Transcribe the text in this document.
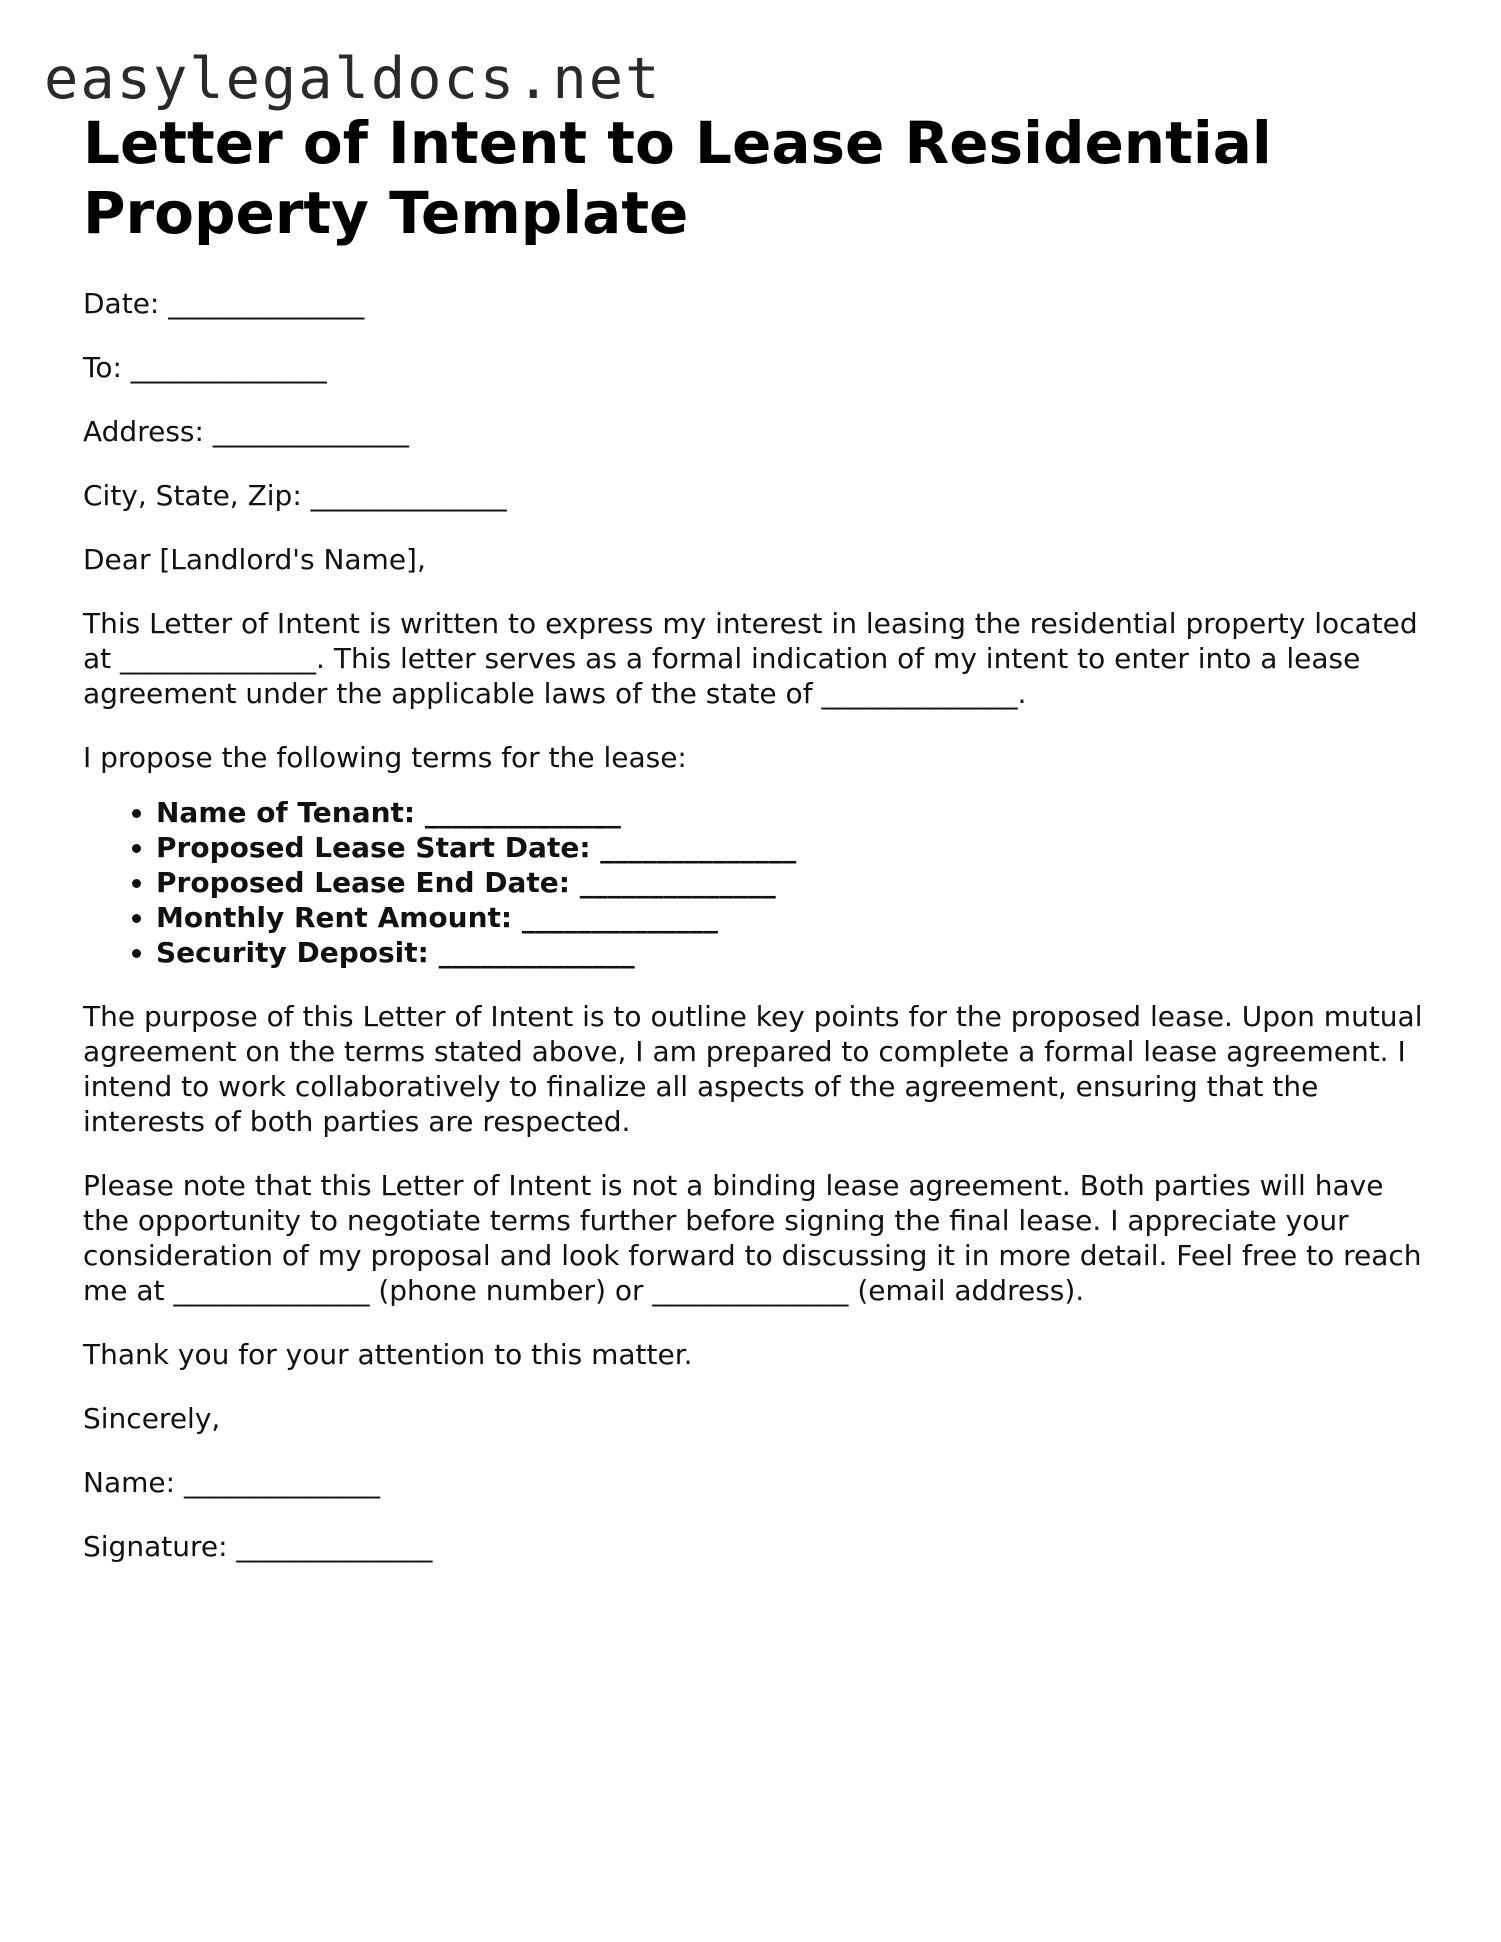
easylegaldocs.net
Letter of Intent to Lease Residential Property Template

Date: ______________

To: ______________

Address: ______________

City, State, Zip: ______________

Dear [Landlord's Name],

This Letter of Intent is written to express my interest in leasing the residential property located at ______________. This letter serves as a formal indication of my intent to enter into a lease agreement under the applicable laws of the state of ______________.

I propose the following terms for the lease:

• Name of Tenant: ______________
• Proposed Lease Start Date: ______________
• Proposed Lease End Date: ______________
• Monthly Rent Amount: ______________
• Security Deposit: ______________

The purpose of this Letter of Intent is to outline key points for the proposed lease. Upon mutual agreement on the terms stated above, I am prepared to complete a formal lease agreement. I intend to work collaboratively to finalize all aspects of the agreement, ensuring that the interests of both parties are respected.

Please note that this Letter of Intent is not a binding lease agreement. Both parties will have the opportunity to negotiate terms further before signing the final lease. I appreciate your consideration of my proposal and look forward to discussing it in more detail. Feel free to reach me at ______________ (phone number) or ______________ (email address).

Thank you for your attention to this matter.

Sincerely,

Name: ______________

Signature: ______________
